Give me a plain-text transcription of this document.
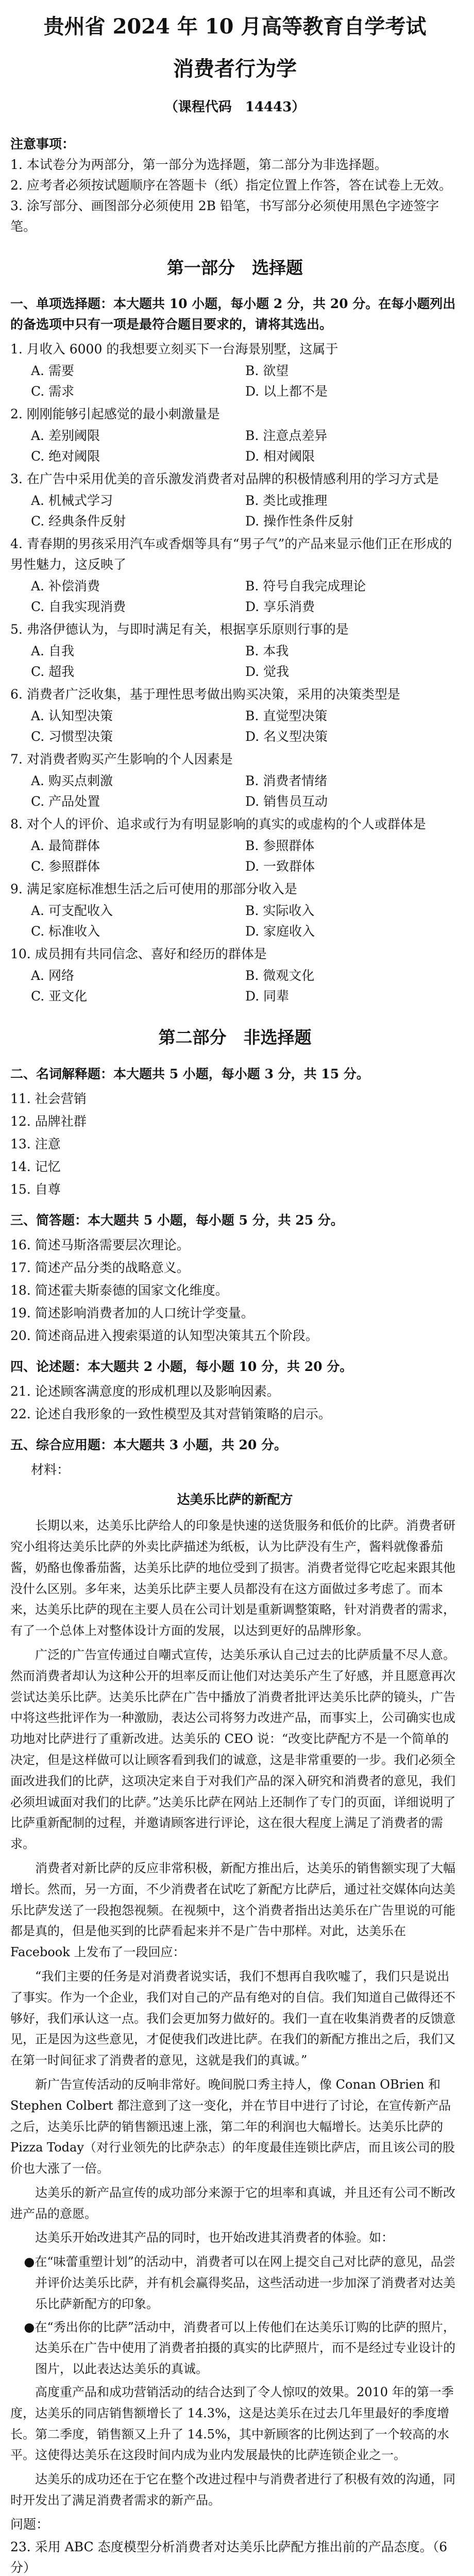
贵州省 2024 年 10 月高等教育自学考试
消费者行为学
（课程代码　14443）
注意事项：
1. 本试卷分为两部分，第一部分为选择题，第二部分为非选择题。
2. 应考者必须按试题顺序在答题卡（纸）指定位置上作答，答在试卷上无效。
3. 涂写部分、画图部分必须使用 2B 铅笔，书写部分必须使用黑色字迹签字笔。
第一部分　选择题
一、单项选择题：本大题共 10 小题，每小题 2 分，共 20 分。在每小题列出的备选项中只有一项是最符合题目要求的，请将其选出。
1. 月收入 6000 的我想要立刻买下一台海景别墅，这属于
A. 需要	B. 欲望
C. 需求	D. 以上都不是
2. 刚刚能够引起感觉的最小刺激量是
A. 差别阈限	B. 注意点差异
C. 绝对阈限	D. 相对阈限
3. 在广告中采用优美的音乐激发消费者对品牌的积极情感利用的学习方式是
A. 机械式学习	B. 类比或推理
C. 经典条件反射	D. 操作性条件反射
4. 青春期的男孩采用汽车或香烟等具有“男子气”的产品来显示他们正在形成的男性魅力，这反映了
A. 补偿消费	B. 符号自我完成理论
C. 自我实现消费	D. 享乐消费
5. 弗洛伊德认为，与即时满足有关，根据享乐原则行事的是
A. 自我	B. 本我
C. 超我	D. 觉我
6. 消费者广泛收集，基于理性思考做出购买决策，采用的决策类型是
A. 认知型决策	B. 直觉型决策
C. 习惯型决策	D. 名义型决策
7. 对消费者购买产生影响的个人因素是
A. 购买点刺激	B. 消费者情绪
C. 产品处置	D. 销售员互动
8. 对个人的评价、追求或行为有明显影响的真实的或虚构的个人或群体是
A. 最简群体	B. 参照群体
C. 参照群体	D. 一致群体
9. 满足家庭标准想生活之后可使用的那部分收入是
A. 可支配收入	B. 实际收入
C. 标准收入	D. 家庭收入
10. 成员拥有共同信念、喜好和经历的群体是
A. 网络	B. 微观文化
C. 亚文化	D. 同辈
第二部分　非选择题
二、名词解释题：本大题共 5 小题，每小题 3 分，共 15 分。
11. 社会营销
12. 品牌社群
13. 注意
14. 记忆
15. 自尊
三、简答题：本大题共 5 小题，每小题 5 分，共 25 分。
16. 简述马斯洛需要层次理论。
17. 简述产品分类的战略意义。
18. 简述霍夫斯泰德的国家文化维度。
19. 简述影响消费者加的人口统计学变量。
20. 简述商品进入搜索渠道的认知型决策其五个阶段。
四、论述题：本大题共 2 小题，每小题 10 分，共 20 分。
21. 论述顾客满意度的形成机理以及影响因素。
22. 论述自我形象的一致性模型及其对营销策略的启示。
五、综合应用题：本大题共 3 小题，共 20 分。
材料：
达美乐比萨的新配方
长期以来，达美乐比萨给人的印象是快速的送货服务和低价的比萨。消费者研究小组将达美乐比萨的外卖比萨描述为纸板，认为比萨没有生产，酱料就像番茄酱，奶酪也像番茄酱，达美乐比萨的地位受到了损害。消费者觉得它吃起来跟其他没什么区别。多年来，达美乐比萨主要人员都没有在这方面做过多考虑了。而本来，达美乐比萨的现在主要人员在公司计划是重新调整策略，针对消费者的需求，有了一个总体上对整体设计方面的发展，以达到更好的品牌形象。
广泛的广告宣传通过自嘲式宣传，达美乐承认自己过去的比萨质量不尽人意。然而消费者却认为这种公开的坦率反而让他们对达美乐产生了好感，并且愿意再次尝试达美乐比萨。达美乐比萨在广告中播放了消费者批评达美乐比萨的镜头，广告中将这些批评作为一种激励，表达公司将努力改进产品，而事实上，公司确实也成功地对比萨进行了重新改进。达美乐的 CEO 说：“改变比萨配方不是一个简单的决定，但是这样做可以让顾客看到我们的诚意，这是非常重要的一步。我们必须全面改进我们的比萨，这项决定来自于对我们产品的深入研究和消费者的意见，我们必须坦诚面对我们的比萨。”达美乐比萨在网站上还制作了专门的页面，详细说明了比萨重新配制的过程，并邀请顾客进行评论，这在很大程度上满足了消费者的需求。
消费者对新比萨的反应非常积极，新配方推出后，达美乐的销售额实现了大幅增长。然而，另一方面，不少消费者在试吃了新配方比萨后，通过社交媒体向达美乐比萨发送了一段抱怨视频。在视频中，这个消费者指出达美乐在广告里说的可能都是真的，但是他买到的比萨看起来并不是广告中那样。对此，达美乐在 Facebook 上发布了一段回应：
“我们主要的任务是对消费者说实话，我们不想再自我吹嘘了，我们只是说出了事实。作为一个企业，我们对自己的产品有绝对的自信。我们知道自己做得还不够好，我们承认这一点。我们会更加努力做好的。我们一直在收集消费者的反馈意见，正是因为这些意见，才促使我们改进比萨。在我们的新配方推出之后，我们又在第一时间征求了消费者的意见，这就是我们的真诚。”
新广告宣传活动的反响非常好。晚间脱口秀主持人，像 Conan OBrien 和 Stephen Colbert 都注意到了这一变化，并在节目中进行了讨论，在宣传新产品之后，达美乐比萨的销售额迅速上涨，第二年的利润也大幅增长。达美乐比萨的 Pizza Today（对行业领先的比萨杂志）的年度最佳连锁比萨店，而且该公司的股价也大涨了一倍。
达美乐的新产品宣传的成功部分来源于它的坦率和真诚，并且还有公司不断改进产品的意愿。
达美乐开始改进其产品的同时，也开始改进其消费者的体验。如：
●在“味蕾重塑计划”的活动中，消费者可以在网上提交自己对比萨的意见，品尝并评价达美乐比萨，并有机会赢得奖品，这些活动进一步加深了消费者对达美乐比萨新配方的印象。
●在“秀出你的比萨”活动中，消费者可以上传他们在达美乐订购的比萨的照片，达美乐在广告中使用了消费者拍摄的真实的比萨照片，而不是经过专业设计的图片，以此表达达美乐的真诚。
高度重产品和成功营销活动的结合达到了令人惊叹的效果。2010 年的第一季度，达美乐的同店销售额增长了 14.3%，这是达美乐在过去几年里最好的季度增长。第二季度，销售额又上升了 14.5%，其中新顾客的比例达到了一个较高的水平。这使得达美乐在这段时间内成为业内发展最快的比萨连锁企业之一。
达美乐的成功还在于它在整个改进过程中与消费者进行了积极有效的沟通，同时开发出了满足消费者需求的新产品。
问题：
23. 采用 ABC 态度模型分析消费者对达美乐比萨配方推出前的产品态度。（6 分）
